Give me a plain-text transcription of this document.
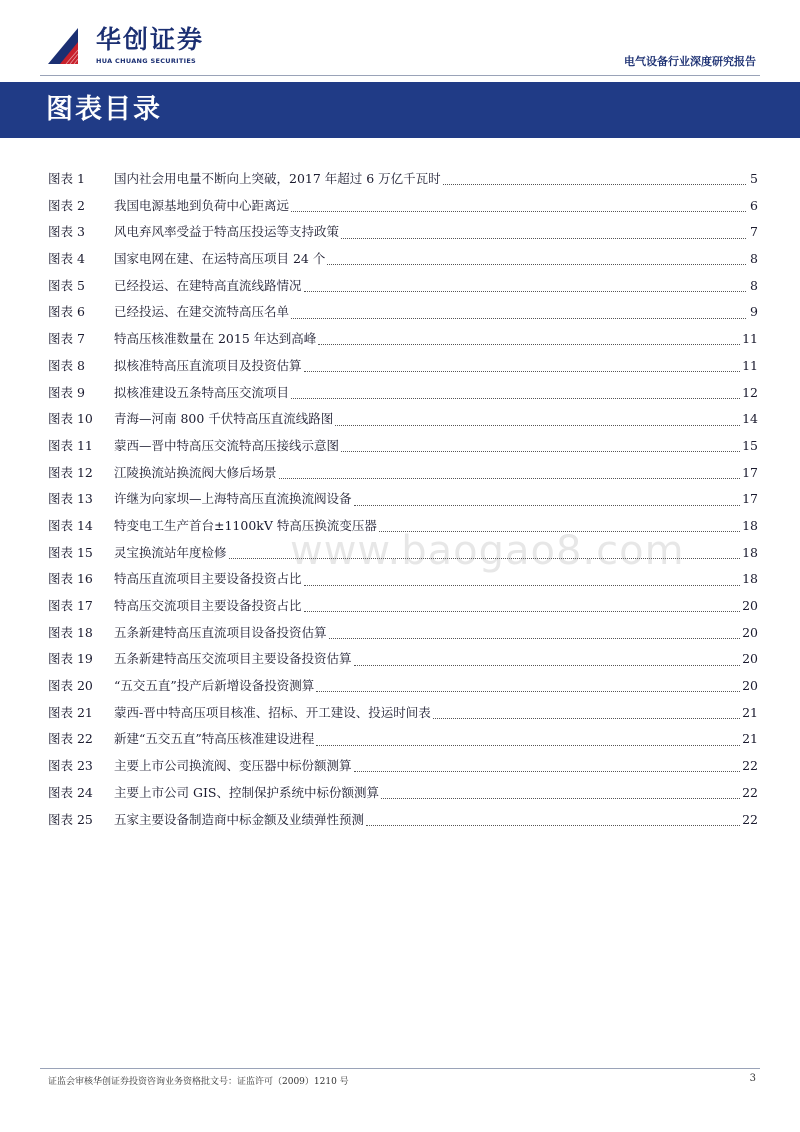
华创证券
HUA CHUANG SECURITIES	电气设备行业深度研究报告
图表目录
图表 1	国内社会用电量不断向上突破，2017 年超过 6 万亿千瓦时	5
图表 2	我国电源基地到负荷中心距离远	6
图表 3	风电弃风率受益于特高压投运等支持政策	7
图表 4	国家电网在建、在运特高压项目 24 个	8
图表 5	已经投运、在建特高直流线路情况	8
图表 6	已经投运、在建交流特高压名单	9
图表 7	特高压核准数量在 2015 年达到高峰	11
图表 8	拟核准特高压直流项目及投资估算	11
图表 9	拟核准建设五条特高压交流项目	12
图表 10	青海—河南 800 千伏特高压直流线路图	14
图表 11	蒙西—晋中特高压交流特高压接线示意图	15
图表 12	江陵换流站换流阀大修后场景	17
图表 13	许继为向家坝—上海特高压直流换流阀设备	17
图表 14	特变电工生产首台±1100kV 特高压换流变压器	18
图表 15	灵宝换流站年度检修	18
图表 16	特高压直流项目主要设备投资占比	18
图表 17	特高压交流项目主要设备投资占比	20
图表 18	五条新建特高压直流项目设备投资估算	20
图表 19	五条新建特高压交流项目主要设备投资估算	20
图表 20	“五交五直”投产后新增设备投资测算	20
图表 21	蒙西-晋中特高压项目核准、招标、开工建设、投运时间表	21
图表 22	新建“五交五直”特高压核准建设进程	21
图表 23	主要上市公司换流阀、变压器中标份额测算	22
图表 24	主要上市公司 GIS、控制保护系统中标份额测算	22
图表 25	五家主要设备制造商中标金额及业绩弹性预测	22
www.baogao8.com
证监会审核华创证券投资咨询业务资格批文号：证监许可（2009）1210 号	3
